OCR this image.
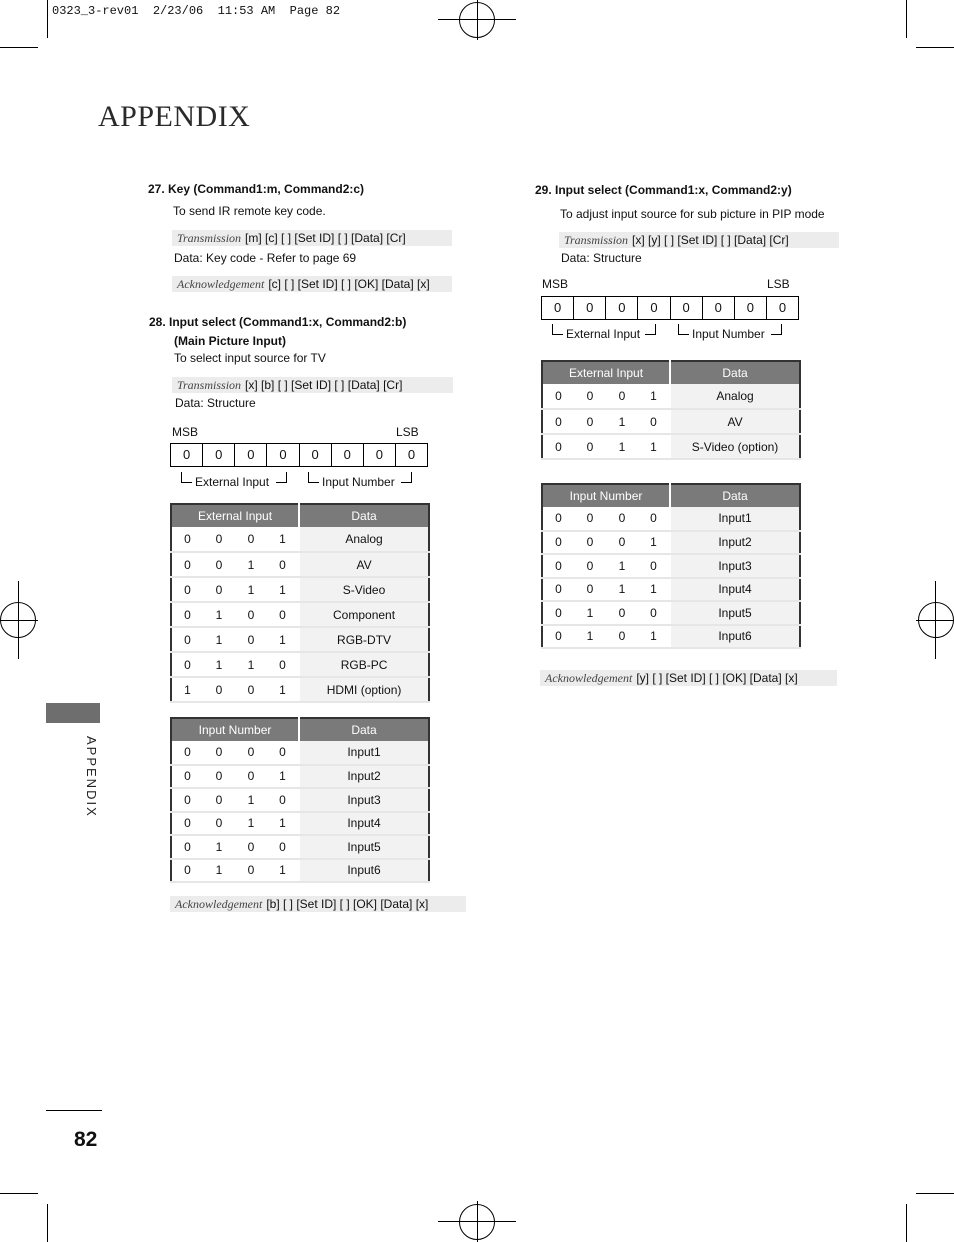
0323_3-rev01  2/23/06  11:53 AM  Page 82
APPENDIX
APPENDIX
82
27. Key (Command1:m, Command2:c)
To send IR remote key code.
Transmission [m] [c] [ ] [Set ID] [ ] [Data] [Cr]
Data: Key code - Refer to page 69
Acknowledgement [c] [ ] [Set ID] [ ] [OK] [Data] [x]
28. Input select (Command1:x, Command2:b)
(Main Picture Input)
To select input source for TV
Transmission [x] [b] [ ] [Set ID] [ ] [Data] [Cr]
Data: Structure
MSB	LSB
0	0	0	0	0	0	0	0
External Input	Input Number
External Input				Data
0	0	0	1	Analog
0	0	1	0	AV
0	0	1	1	S-Video
0	1	0	0	Component
0	1	0	1	RGB-DTV
0	1	1	0	RGB-PC
1	0	0	1	HDMI (option)
Input Number				Data
0	0	0	0	Input1
0	0	0	1	Input2
0	0	1	0	Input3
0	0	1	1	Input4
0	1	0	0	Input5
0	1	0	1	Input6
Acknowledgement [b] [ ] [Set ID] [ ] [OK] [Data] [x]
29. Input select (Command1:x, Command2:y)
To adjust input source for sub picture in PIP mode
Transmission [x] [y] [ ] [Set ID] [ ] [Data] [Cr]
Data: Structure
MSB	LSB
0	0	0	0	0	0	0	0
External Input	Input Number
External Input				Data
0	0	0	1	Analog
0	0	1	0	AV
0	0	1	1	S-Video (option)
Input Number				Data
0	0	0	0	Input1
0	0	0	1	Input2
0	0	1	0	Input3
0	0	1	1	Input4
0	1	0	0	Input5
0	1	0	1	Input6
Acknowledgement [y] [ ] [Set ID] [ ] [OK] [Data] [x]
